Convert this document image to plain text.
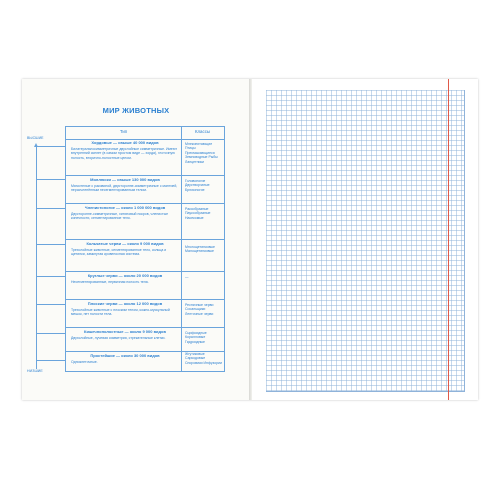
МИР ЖИВОТНЫХ
ВЫСШИЕ
НИЗШИЕ
Тип	Классы
Хордовые — свыше 40 000 видов
Билатеральносимметричные двуслойные симметричные. Имеют внутренний скелет (в самом простом виде — хорда), глоточную полость, вторично-полостные целом.
Млекопитающие Птицы Пресмыкающиеся Земноводные Рыбы Ланцетники
Моллюски — свыше 130 000 видов
Мягкотелые с раковиной, двусторонне-симметричные с мантией, нерасчленённым несегментированным телом.
Головоногие Двустворчатые Брюхоногие
Членистоногие — около 1 000 000 видов
Двусторонне-симметричные, хитиновый покров, членистые конечности, сегментированное тело.
Ракообразные Паукообразные Насекомые
Кольчатые черви — около 9 000 видов
Трехслойные животные, сегментированное тело, кольца и щетинки, замкнутая кровеносная система.
Многощетинковые Малощетинковые
Круглые черви — около 20 000 видов
Несегментированные, первичная полость тела.
—
Плоские черви — около 12 000 видов
Трехслойные животные с плоским телом, кожно-мускульный мешок, нет полости тела.
Ресничные черви Сосальщики Ленточные черви
Кишечнополостные — около 9 000 видов
Двухслойные, лучевая симметрия, стрекательные клетки.
Сцифоидные Коралловые Гидроидные
Простейшие — около 30 000 видов
Одноклеточные.
Жгутиковые Саркодовые Споровики Инфузории
